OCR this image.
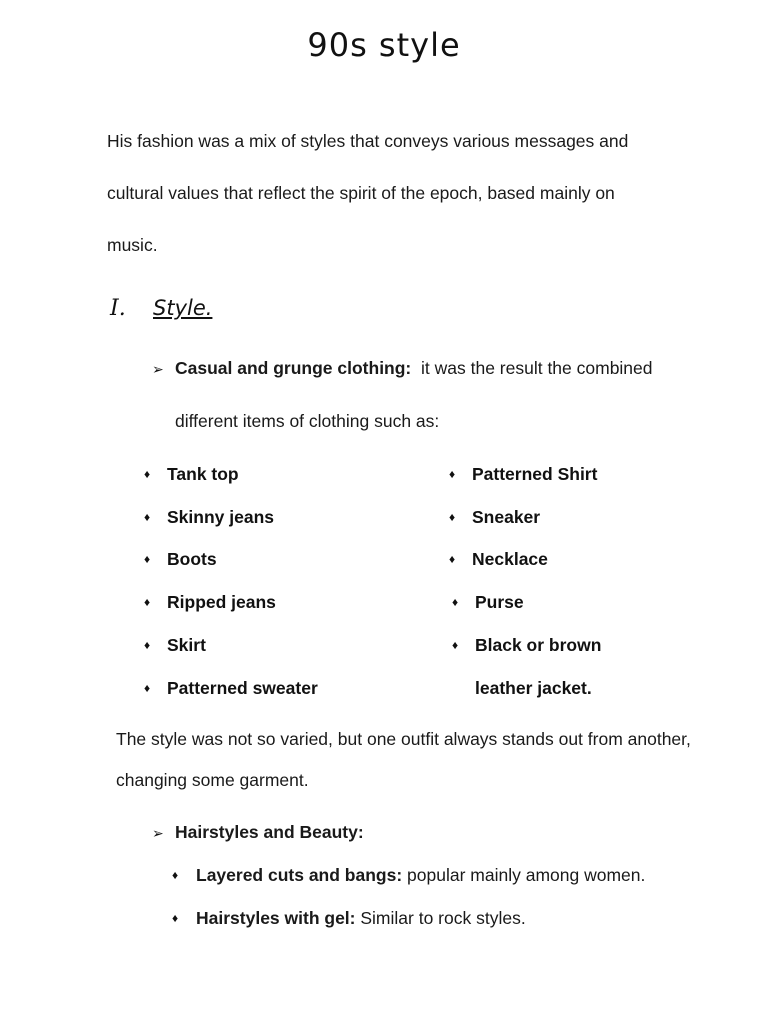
90s style
His fashion was a mix of styles that conveys various messages and
cultural values that reflect the spirit of the epoch, based mainly on
music.
I. Style.
➢ Casual and grunge clothing: it was the result the combined
different items of clothing such as:
♦ Tank top
♦ Skinny jeans
♦ Boots
♦ Ripped jeans
♦ Skirt
♦ Patterned sweater
♦ Patterned Shirt
♦ Sneaker
♦ Necklace
♦ Purse
♦ Black or brown
leather jacket.
The style was not so varied, but one outfit always stands out from another,
changing some garment.
➢ Hairstyles and Beauty:
♦ Layered cuts and bangs: popular mainly among women.
♦ Hairstyles with gel: Similar to rock styles.
